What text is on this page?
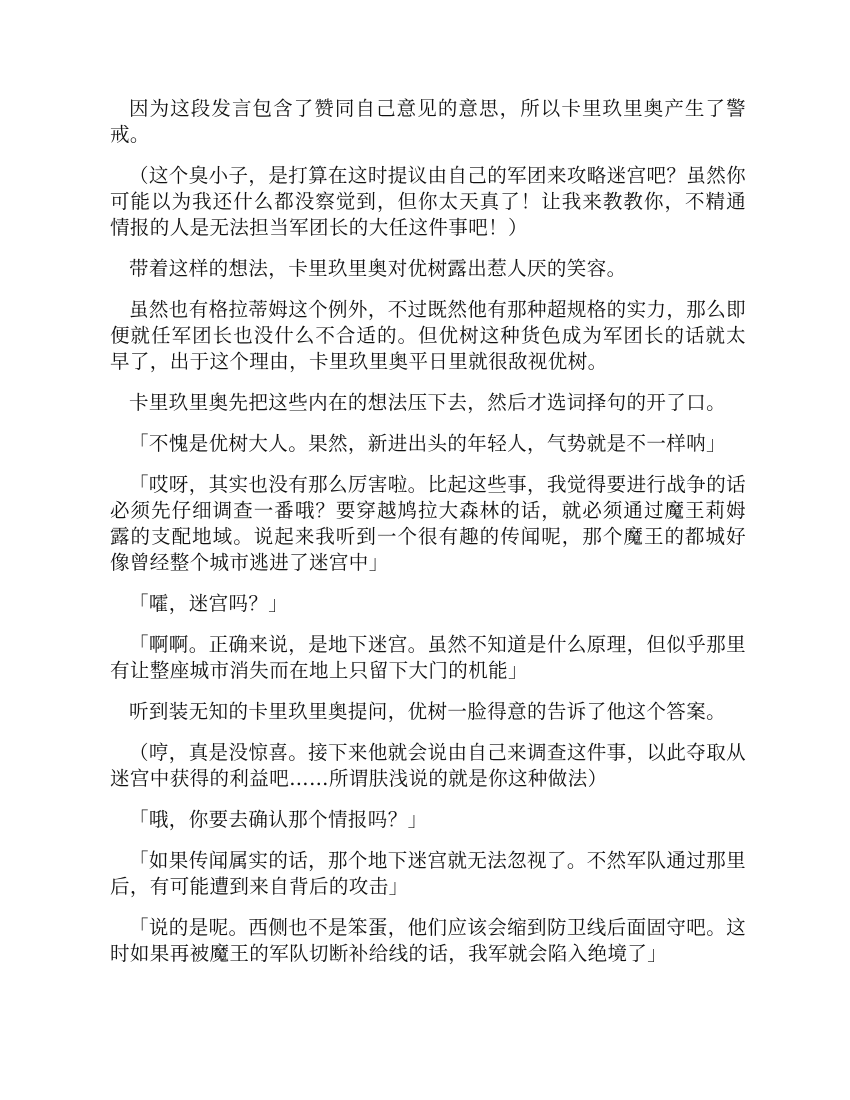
因为这段发言包含了赞同自己意见的意思，所以卡里玖里奥产生了警戒。

（这个臭小子，是打算在这时提议由自己的军团来攻略迷宫吧？虽然你可能以为我还什么都没察觉到，但你太天真了！让我来教教你，不精通情报的人是无法担当军团长的大任这件事吧！）

带着这样的想法，卡里玖里奥对优树露出惹人厌的笑容。

虽然也有格拉蒂姆这个例外，不过既然他有那种超规格的实力，那么即便就任军团长也没什么不合适的。但优树这种货色成为军团长的话就太早了，出于这个理由，卡里玖里奥平日里就很敌视优树。

卡里玖里奥先把这些内在的想法压下去，然后才选词择句的开了口。

「不愧是优树大人。果然，新进出头的年轻人，气势就是不一样呐」

「哎呀，其实也没有那么厉害啦。比起这些事，我觉得要进行战争的话必须先仔细调查一番哦？要穿越鸠拉大森林的话，就必须通过魔王莉姆露的支配地域。说起来我听到一个很有趣的传闻呢，那个魔王的都城好像曾经整个城市逃进了迷宫中」

「嚯，迷宫吗？」

「啊啊。正确来说，是地下迷宫。虽然不知道是什么原理，但似乎那里有让整座城市消失而在地上只留下大门的机能」

听到装无知的卡里玖里奥提问，优树一脸得意的告诉了他这个答案。

（哼，真是没惊喜。接下来他就会说由自己来调查这件事，以此夺取从迷宫中获得的利益吧……所谓肤浅说的就是你这种做法）

「哦，你要去确认那个情报吗？」

「如果传闻属实的话，那个地下迷宫就无法忽视了。不然军队通过那里后，有可能遭到来自背后的攻击」

「说的是呢。西侧也不是笨蛋，他们应该会缩到防卫线后面固守吧。这时如果再被魔王的军队切断补给线的话，我军就会陷入绝境了」
